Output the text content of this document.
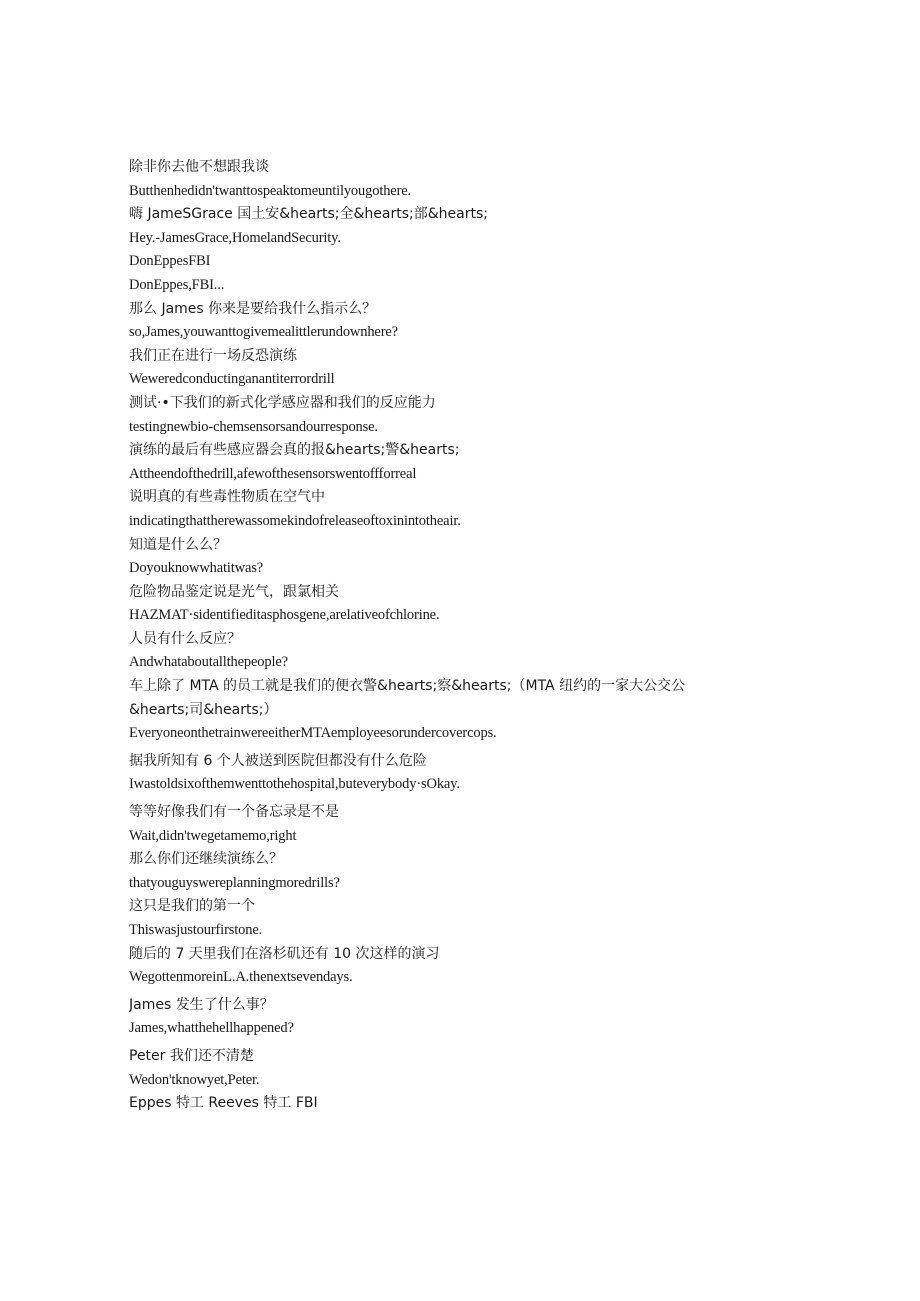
除非你去他不想跟我谈
Butthenhedidn'twanttospeaktomeuntilyougothere.
嗨 JameSGrace 国土安&hearts;全&hearts;部&hearts;
Hey.-JamesGrace,HomelandSecurity.
DonEppesFBI
DonEppes,FBI...
那么 James 你来是要给我什么指示么？
so,James,youwanttogivemealittlerundownhere?
我们正在进行一场反恐演练
Weweredconductinganantiterrordrill
测试·•下我们的新式化学感应器和我们的反应能力
testingnewbio-chemsensorsandourresponse.
演练的最后有些感应器会真的报&hearts;警&hearts;
Attheendofthedrill,afewofthesensorswentoffforreal
说明真的有些毒性物质在空气中
indicatingthattherewassomekindofreleaseoftoxinintotheair.
知道是什么么？
Doyouknowwhatitwas?
危险物品鉴定说是光气，跟氯相关
HAZMAT·sidentifieditasphosgene,arelativeofchlorine.
人员有什么反应？
Andwhataboutallthepeople?
车上除了 MTA 的员工就是我们的便衣警&hearts;察&hearts;（MTA 纽约的一家大公交公
&hearts;司&hearts;）
EveryoneonthetrainwereeitherMTAemployeesorundercovercops.
据我所知有 6 个人被送到医院但都没有什么危险
Iwastoldsixofthemwenttothehospital,buteverybody·sOkay.
等等好像我们有一个备忘录是不是
Wait,didn'twegetamemo,right
那么你们还继续演练么？
thatyouguyswereplanningmoredrills?
这只是我们的第一个
Thiswasjustourfirstone.
随后的 7 天里我们在洛杉矶还有 10 次这样的演习
WegottenmoreinL.A.thenextsevendays.
James 发生了什么事？
James,whatthehellhappened?
Peter 我们还不清楚
Wedon'tknowyet,Peter.
Eppes 特工 Reeves 特工 FBI
